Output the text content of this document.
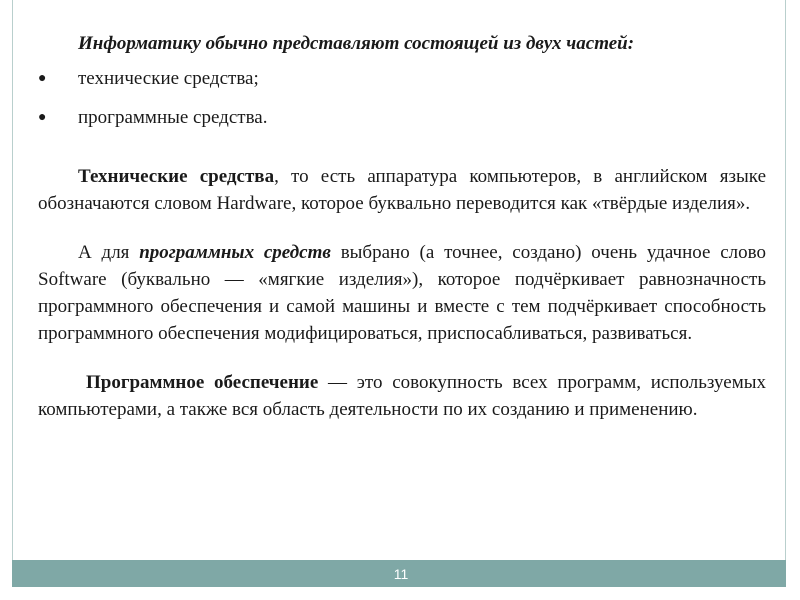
Информатику обычно представляют состоящей из двух частей:

● технические средства;
● программные средства.

Технические средства, то есть аппаратура компьютеров, в английском языке обозначаются словом Hardware, которое буквально переводится как «твёрдые изделия».

А для программных средств выбрано (а точнее, создано) очень удачное слово Software (буквально — «мягкие изделия»), которое подчёркивает равнозначность программного обеспечения и самой машины и вместе с тем подчёркивает способность программного обеспечения модифицироваться, приспосабливаться, развиваться.

Программное обеспечение — это совокупность всех программ, используемых компьютерами, а также вся область деятельности по их созданию и применению.

11
